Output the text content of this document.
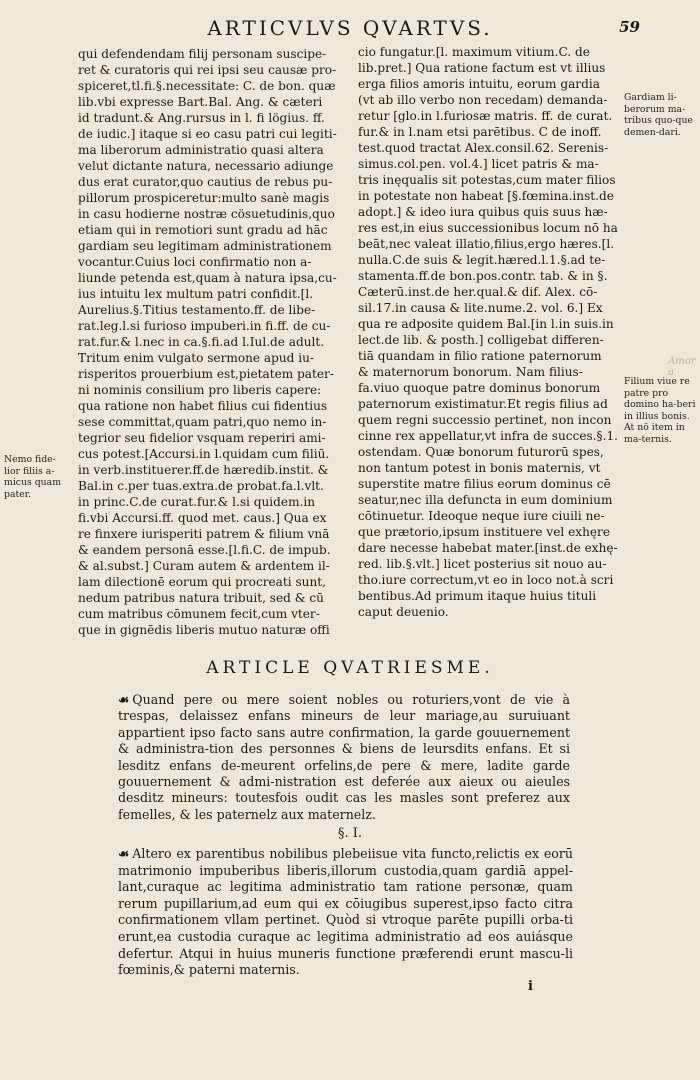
ARTICVLVS QVARTVS.	59

qui defendendam filij personam suscipe-

ret & curatoris qui rei ipsi seu causæ pro-

spiceret,tl.fi.§.necessitate: C. de bon. quæ

lib.vbi expresse Bart.Bal. Ang. & cæteri

id tradunt.& Ang.rursus in l. fi lögius. ff.

de iudic.] itaque si eo casu patri cui legiti-

ma liberorum administratio quasi altera

velut dictante natura, necessario adiunge

dus erat curator,quo cautius de rebus pu-

pillorum prospiceretur:multo sanè magis

in casu hodierne nostræ cösuetudinis,quo

etiam qui in remotiori sunt gradu ad hāc

gardiam seu legitimam administrationem

vocantur.Cuius loci confirmatio non a-

liunde petenda est,quam à natura ipsa,cu-

ius intuitu lex multum patri confidit.[l.

Aurelius.§.Titius testamento.ff. de libe-

rat.leg.l.si furioso impuberi.in fi.ff. de cu-

rat.fur.& l.nec in ca.§.fi.ad l.Iul.de adult.

Tritum enim vulgato sermone apud iu-

risperitos prouerbium est,pietatem pater-

ni nominis consilium pro liberis capere:

qua ratione non habet filius cui fidentius

sese committat,quam patri,quo nemo in-

tegrior seu fidelior vsquam reperiri ami-

cus potest.[Accursi.in l.quidam cum filiū.

in verb.instituerer.ff.de hæredib.instit. &

Bal.in c.per tuas.extra.de probat.fa.l.vlt.

in princ.C.de curat.fur.& l.si quidem.in

fi.vbi Accursi.ff. quod met. caus.] Qua ex

re finxere iurisperiti patrem & filium vnā

& eandem personā esse.[l.fi.C. de impub.

& al.subst.] Curam autem & ardentem il-

lam dilectionē eorum qui procreati sunt,

nedum patribus natura tribuit, sed & cū

cum matribus cōmunem fecit,cum vter-

que in gignēdis liberis mutuo naturæ offi

cio fungatur.[l. maximum vitium.C. de

lib.pret.] Qua ratione factum est vt illius

erga filios amoris intuitu, eorum gardia

(vt ab illo verbo non recedam) demanda-

retur [glo.in l.furiosæ matris. ff. de curat.

fur.& in l.nam etsi parētibus. C de inoff.

test.quod tractat Alex.consil.62. Serenis-

simus.col.pen. vol.4.] licet patris & ma-

tris inęqualis sit potestas,cum mater filios

in potestate non habeat [§.fœmina.inst.de

adopt.] & ideo iura quibus quis suus hæ-

res est,in eius successionibus locum nō ha

beāt,nec valeat illatio,filius,ergo hæres.[l.

nulla.C.de suis & legit.hæred.l.1.§.ad te-

stamenta.ff.de bon.pos.contr. tab. & in §.

Cæterū.inst.de her.qual.& dif. Alex. cō-

sil.17.in causa & lite.nume.2. vol. 6.] Ex

qua re adposite quidem Bal.[in l.in suis.in

lect.de lib. & posth.] colligebat differen-

tiā quandam in filio ratione paternorum

& maternorum bonorum. Nam filius-

fa.viuo quoque patre dominus bonorum

paternorum existimatur.Et regis filius ad

quem regni successio pertinet, non incon

cinne rex appellatur,vt infra de succes.§.1.

ostendam. Quæ bonorum futurorū spes,

non tantum potest in bonis maternis, vt

superstite matre filius eorum dominus cē

seatur,nec illa defuncta in eum dominium

cōtinuetur. Ideoque neque iure ciuili ne-

que prætorio,ipsum instituere vel exhęre

dare necesse habebat mater.[inst.de exhę-

red. lib.§.vlt.] licet posterius sit nouo au-

tho.iure correctum,vt eo in loco not.à scri

bentibus.Ad primum itaque huius tituli

caput deuenio.

Nemo fide-lior filiis a-micus quam pater.
Gardiam li-berorum ma-tribus quo-que demen-dari.
Filium viue re patre pro domino ha-beri in illius bonis. At nō item in ma-ternis.
Amor a
ARTICLE QVATRIESME.

☙ Quand pere ou mere soient nobles ou roturiers,vont de vie à trespas, delaissez enfans mineurs de leur mariage,au suruiuant appartient ipso facto sans autre confirmation, la garde gouuernement & administra-tion des personnes & biens de leursdits enfans. Et si lesditz enfans de-meurent orfelins,de pere & mere, ladite garde gouuernement & admi-nistration est deferée aux aieux ou aieules desditz mineurs: toutesfois oudit cas les masles sont preferez aux femelles, & les paternelz aux maternelz.

§. I.

☙ Altero ex parentibus nobilibus plebeiisue vita functo,relictis ex eorū matrimonio impuberibus liberis,illorum custodia,quam gardiā appel-lant,curaque ac legitima administratio tam ratione personæ, quam rerum pupillarium,ad eum qui ex cōiugibus superest,ipso facto citra confirmationem vllam pertinet. Quòd si vtroque parēte pupilli orba-ti erunt,ea custodia curaque ac legitima administratio ad eos auiásque defertur. Atqui in huius muneris functione præferendi erunt mascu-li fœminis,& paterni maternis.

i
